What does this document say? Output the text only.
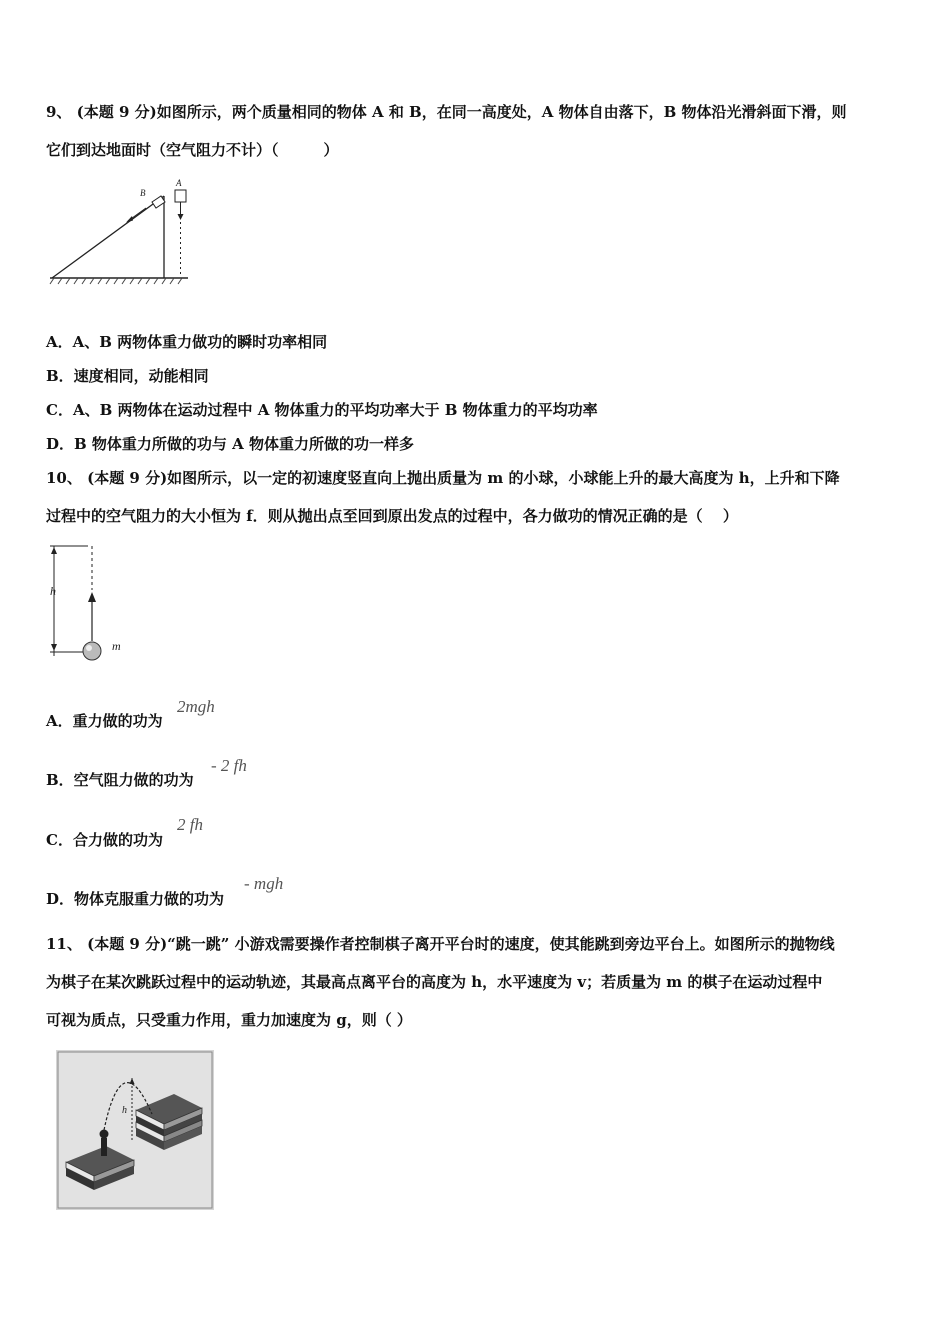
9、 (本题 9 分)如图所示，两个质量相同的物体 A 和 B，在同一高度处，A 物体自由落下，B 物体沿光滑斜面下滑，则
它们到达地面时（空气阻力不计）（　　　）
A
B
A．A、B 两物体重力做功的瞬时功率相同
B．速度相同，动能相同
C．A、B 两物体在运动过程中 A 物体重力的平均功率大于 B 物体重力的平均功率
D．B 物体重力所做的功与 A 物体重力所做的功一样多
10、 (本题 9 分)如图所示，以一定的初速度竖直向上抛出质量为 m 的小球，小球能上升的最大高度为 h，上升和下降
过程中的空气阻力的大小恒为 f．则从抛出点至回到原出发点的过程中，各力做功的情况正确的是（　 ）
h
m
A．重力做的功为
2mgh
B．空气阻力做的功为
- 2 fh
C．合力做的功为
2 fh
D．物体克服重力做的功为
- mgh
11、 (本题 9 分)“跳一跳” 小游戏需要操作者控制棋子离开平台时的速度，使其能跳到旁边平台上。如图所示的抛物线
为棋子在某次跳跃过程中的运动轨迹，其最高点离平台的高度为 h，水平速度为 v；若质量为 m 的棋子在运动过程中
可视为质点，只受重力作用，重力加速度为 g，则（ ）
h
